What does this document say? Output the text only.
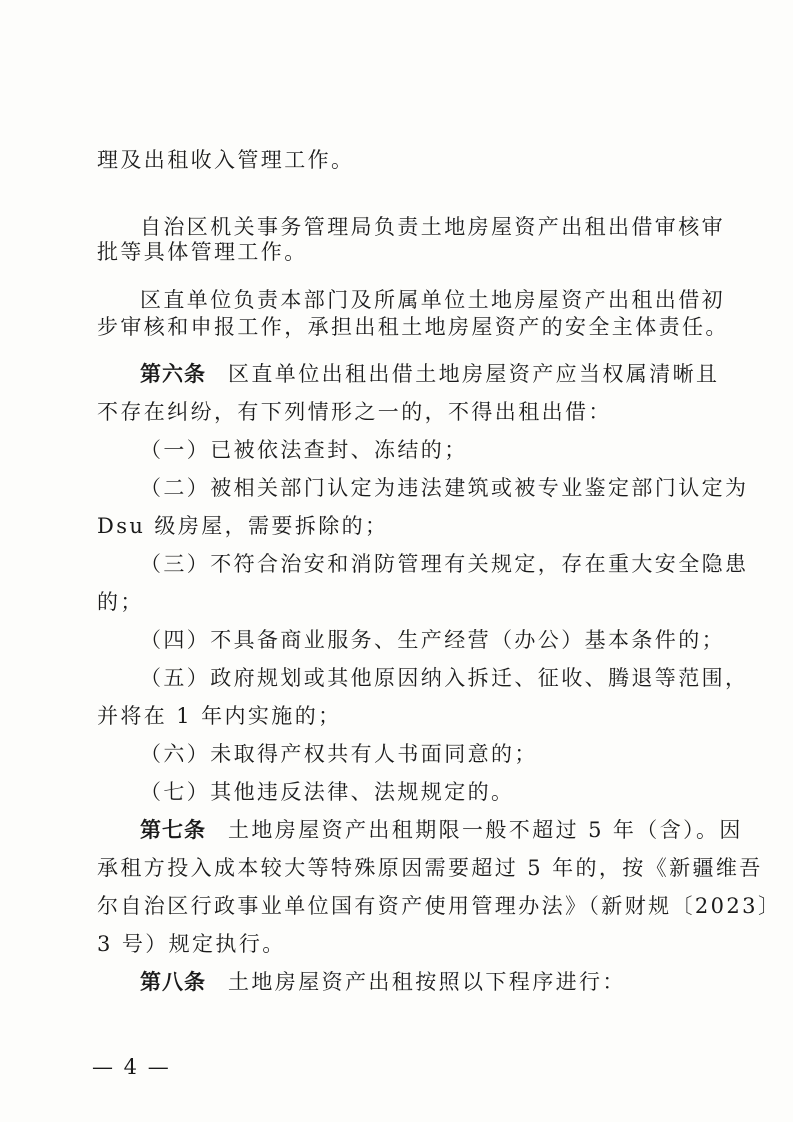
理及出租收入管理工作。
自治区机关事务管理局负责土地房屋资产出租出借审核审
批等具体管理工作。
区直单位负责本部门及所属单位土地房屋资产出租出借初
步审核和申报工作，承担出租土地房屋资产的安全主体责任。
第六条 区直单位出租出借土地房屋资产应当权属清晰且
不存在纠纷，有下列情形之一的，不得出租出借：
（一）已被依法查封、冻结的；
（二）被相关部门认定为违法建筑或被专业鉴定部门认定为
Dsu 级房屋，需要拆除的；
（三）不符合治安和消防管理有关规定，存在重大安全隐患
的；
（四）不具备商业服务、生产经营（办公）基本条件的；
（五）政府规划或其他原因纳入拆迁、征收、腾退等范围，
并将在 1 年内实施的；
（六）未取得产权共有人书面同意的；
（七）其他违反法律、法规规定的。
第七条 土地房屋资产出租期限一般不超过 5 年（含）。因
承租方投入成本较大等特殊原因需要超过 5 年的，按《新疆维吾
尔自治区行政事业单位国有资产使用管理办法》（新财规〔2023〕
3 号）规定执行。
第八条 土地房屋资产出租按照以下程序进行：
— 4 —
